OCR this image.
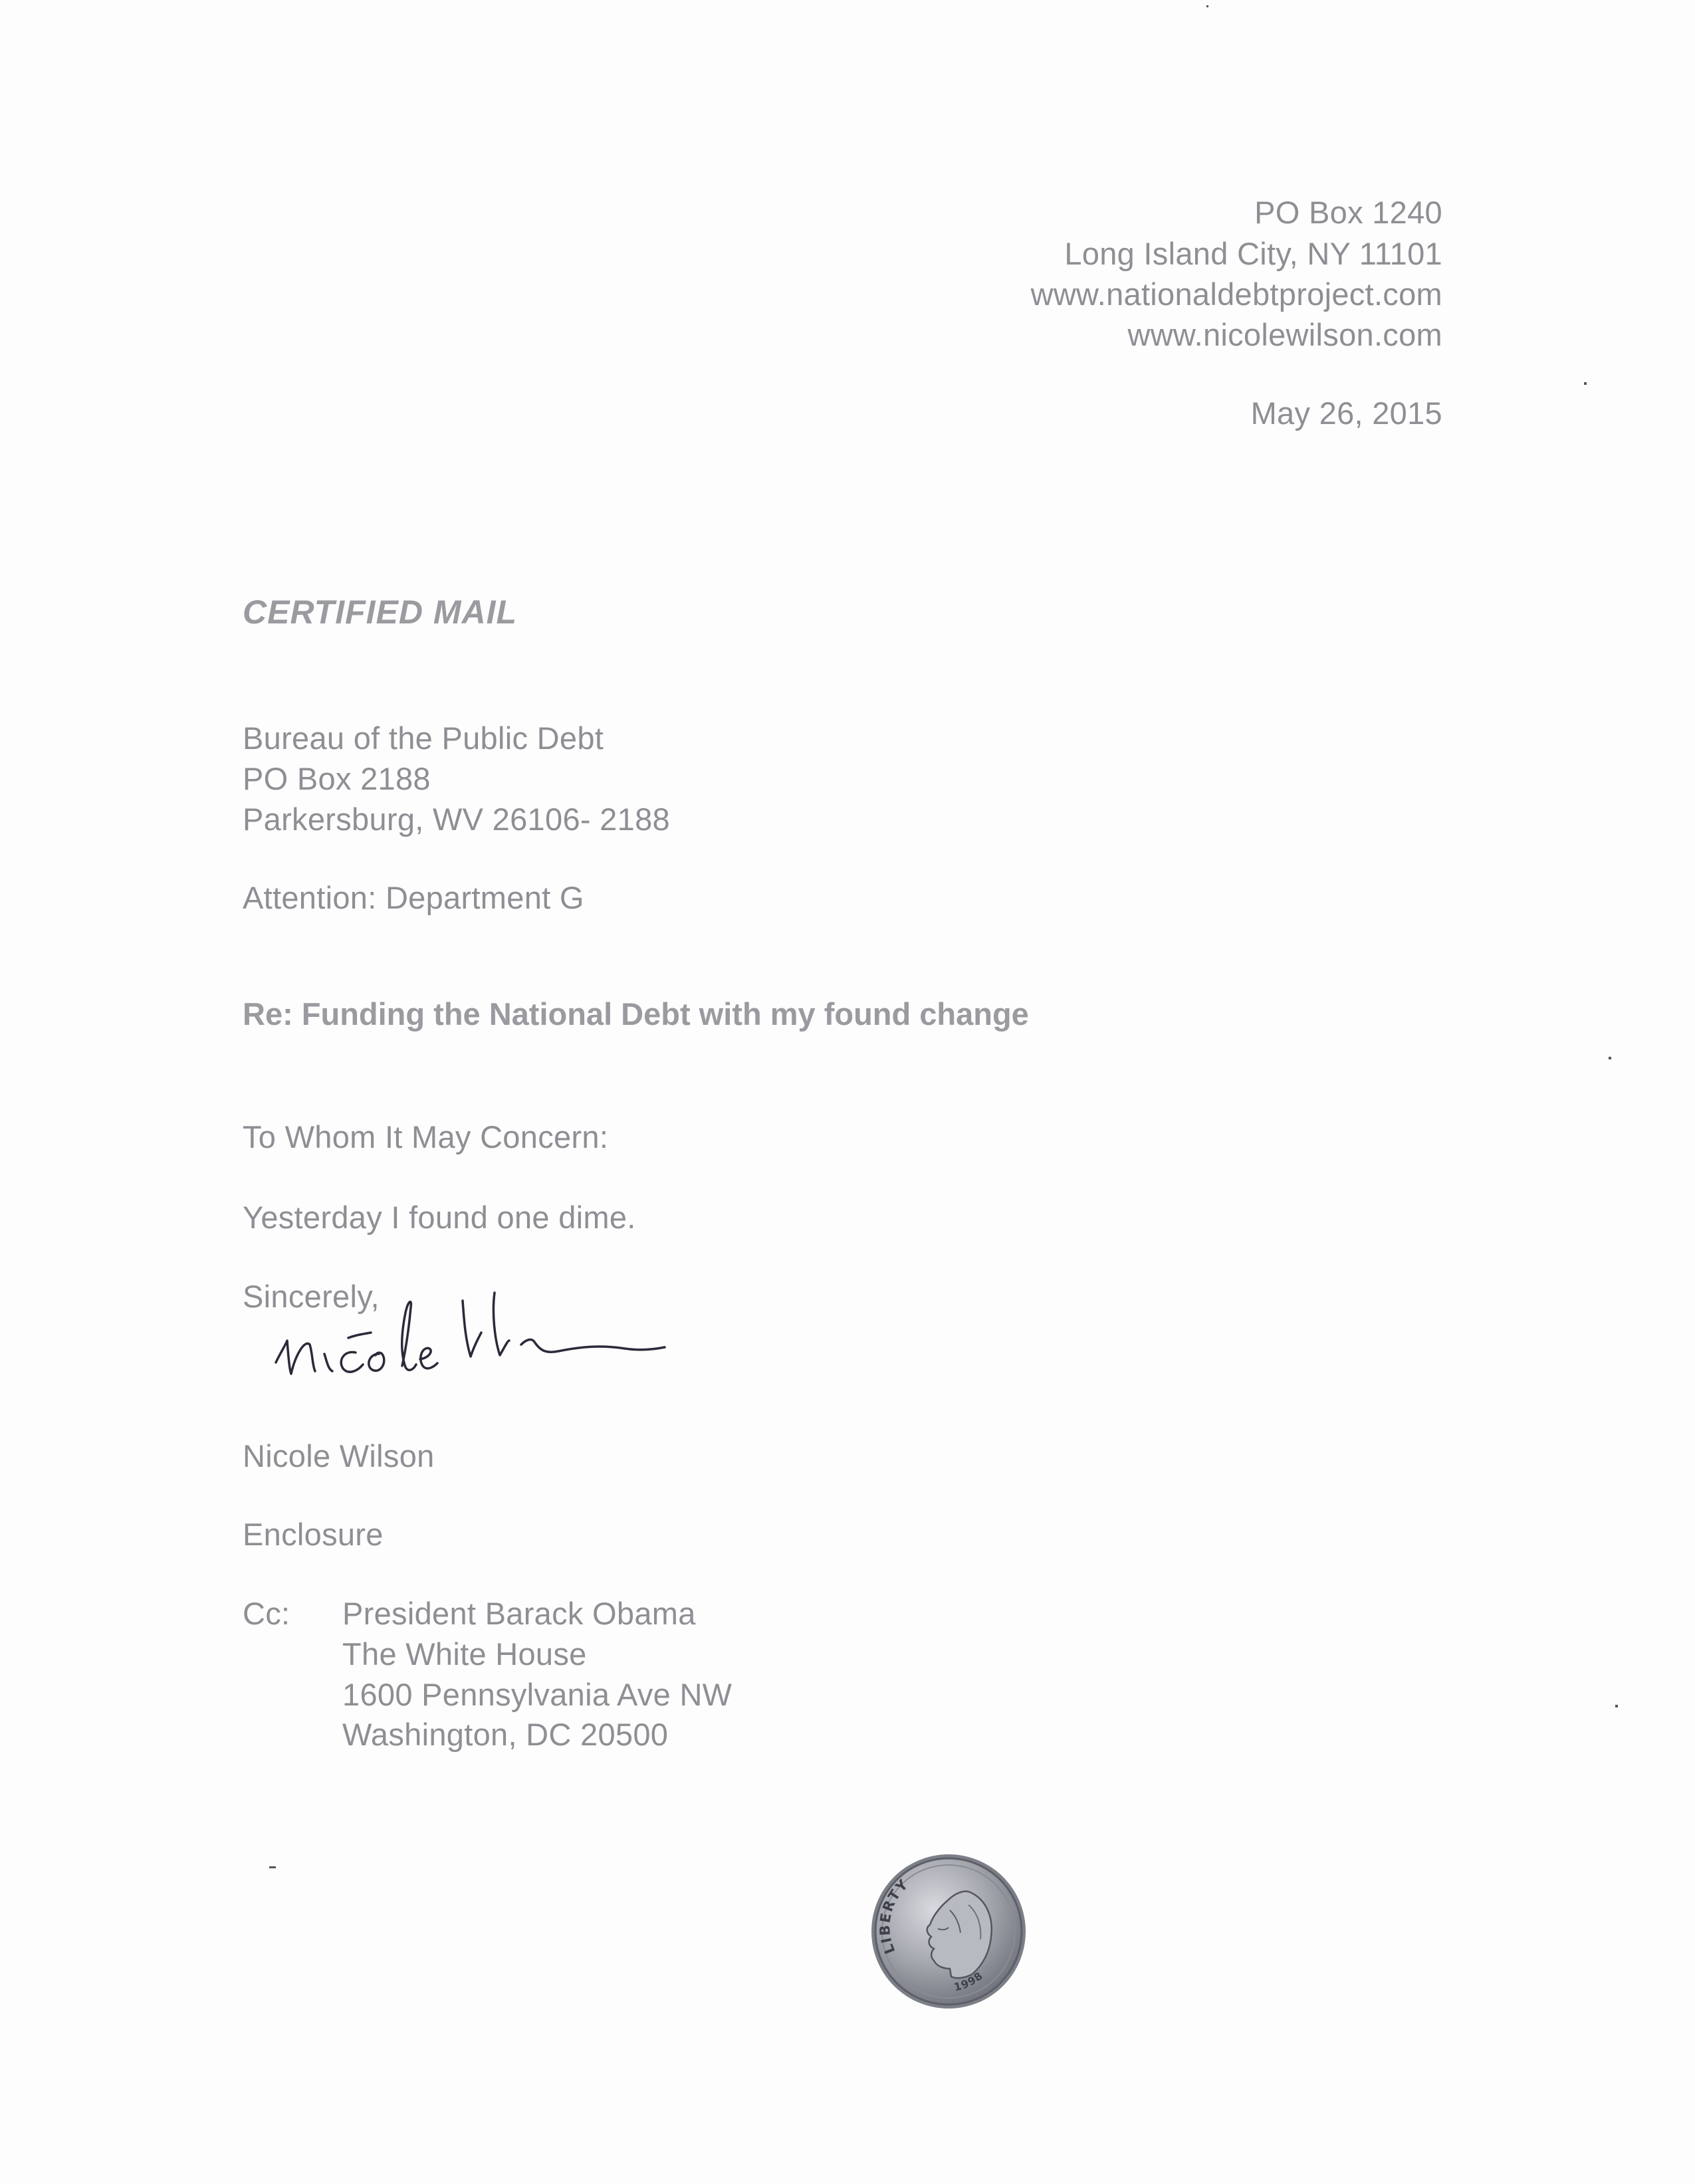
PO Box 1240
Long Island City, NY 11101
www.nationaldebtproject.com
www.nicolewilson.com
May 26, 2015
CERTIFIED MAIL
Bureau of the Public Debt
PO Box 2188
Parkersburg, WV 26106- 2188
Attention: Department G
Re: Funding the National Debt with my found change
To Whom It May Concern:
Yesterday I found one dime.
Sincerely,
Nicole Wilson
Enclosure
Cc: President Barack Obama
The White House
1600 Pennsylvania Ave NW
Washington, DC 20500
LIBERTY
1998
